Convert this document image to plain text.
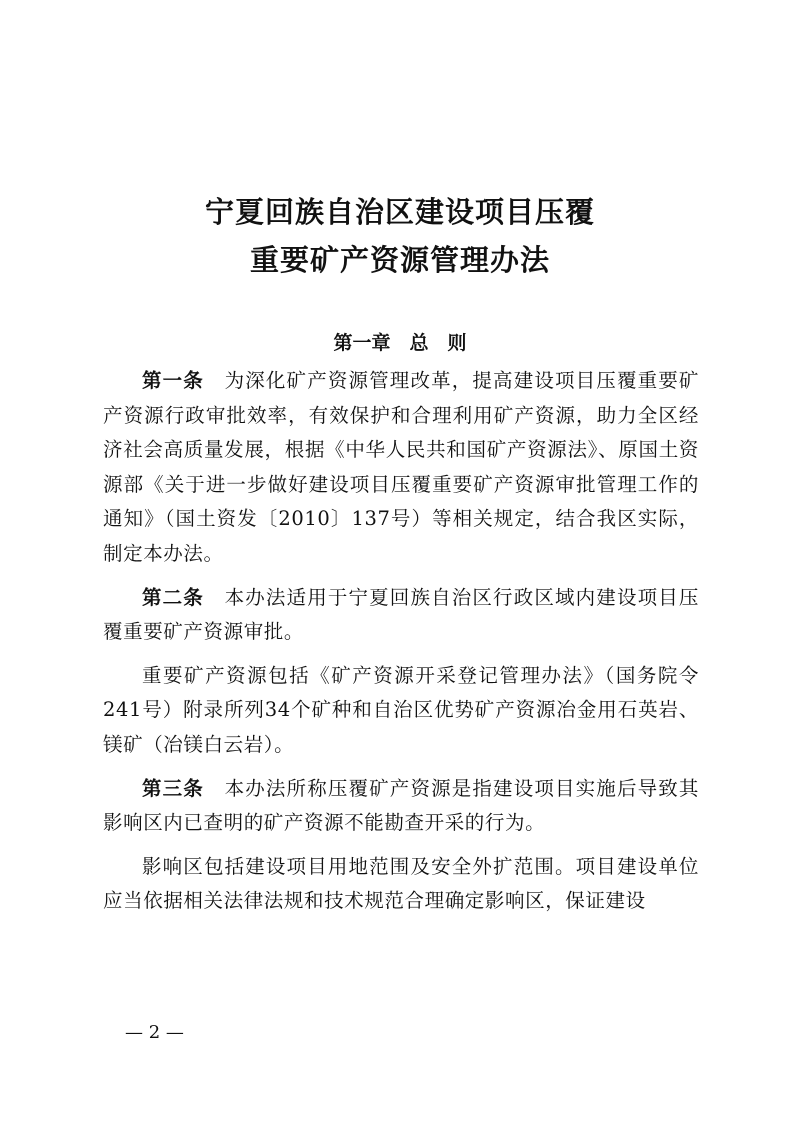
宁夏回族自治区建设项目压覆
重要矿产资源管理办法
第一章　总　则

第一条　为深化矿产资源管理改革，提高建设项目压覆重要矿产资源行政审批效率，有效保护和合理利用矿产资源，助力全区经济社会高质量发展，根据《中华人民共和国矿产资源法》、原国土资源部《关于进一步做好建设项目压覆重要矿产资源审批管理工作的通知》（国土资发〔2010〕137号）等相关规定，结合我区实际，制定本办法。

第二条　本办法适用于宁夏回族自治区行政区域内建设项目压覆重要矿产资源审批。

重要矿产资源包括《矿产资源开采登记管理办法》（国务院令241号）附录所列34个矿种和自治区优势矿产资源冶金用石英岩、镁矿（冶镁白云岩）。

第三条　本办法所称压覆矿产资源是指建设项目实施后导致其影响区内已查明的矿产资源不能勘查开采的行为。

影响区包括建设项目用地范围及安全外扩范围。项目建设单位应当依据相关法律法规和技术规范合理确定影响区，保证建设

— 2 —
